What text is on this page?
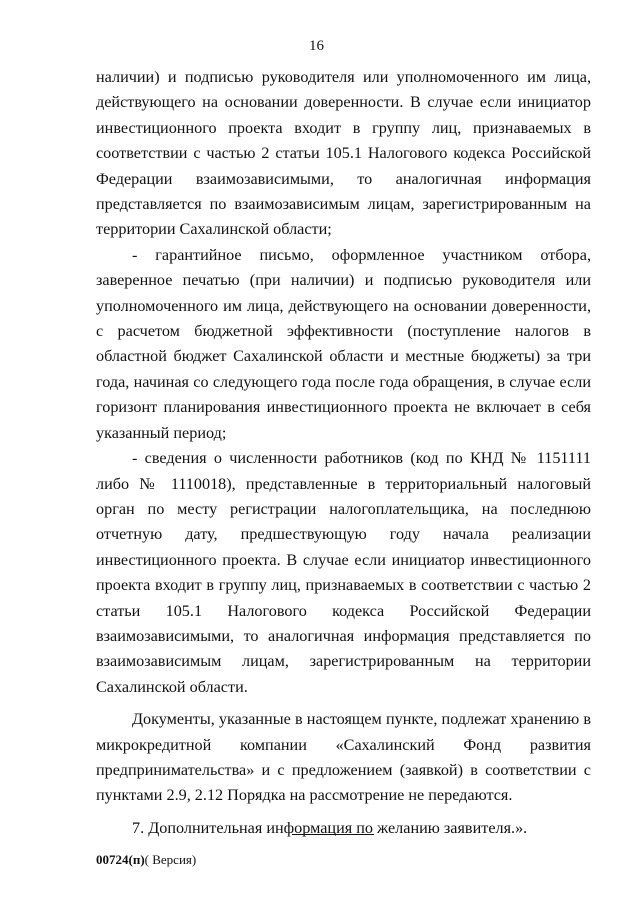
16

наличии) и подписью руководителя или уполномоченного им лица, действующего на основании доверенности. В случае если инициатор инвестиционного проекта входит в группу лиц, признаваемых в соответствии с частью 2 статьи 105.1 Налогового кодекса Российской Федерации взаимозависимыми, то аналогичная информация представляется по взаимозависимым лицам, зарегистрированным на территории Сахалинской области;

- гарантийное письмо, оформленное участником отбора, заверенное печатью (при наличии) и подписью руководителя или уполномоченного им лица, действующего на основании доверенности, с расчетом бюджетной эффективности (поступление налогов в областной бюджет Сахалинской области и местные бюджеты) за три года, начиная со следующего года после года обращения, в случае если горизонт планирования инвестиционного проекта не включает в себя указанный период;

- сведения о численности работников (код по КНД № 1151111 либо № 1110018), представленные в территориальный налоговый орган по месту регистрации налогоплательщика, на последнюю отчетную дату, предшествующую году начала реализации инвестиционного проекта. В случае если инициатор инвестиционного проекта входит в группу лиц, признаваемых в соответствии с частью 2 статьи 105.1 Налогового кодекса Российской Федерации взаимозависимыми, то аналогичная информация представляется по взаимозависимым лицам, зарегистрированным на территории Сахалинской области.

Документы, указанные в настоящем пункте, подлежат хранению в микрокредитной компании «Сахалинский Фонд развития предпринимательства» и с предложением (заявкой) в соответствии с пунктами 2.9, 2.12 Порядка на рассмотрение не передаются.

7. Дополнительная информация по желанию заявителя.».

00724(п)( Версия)
